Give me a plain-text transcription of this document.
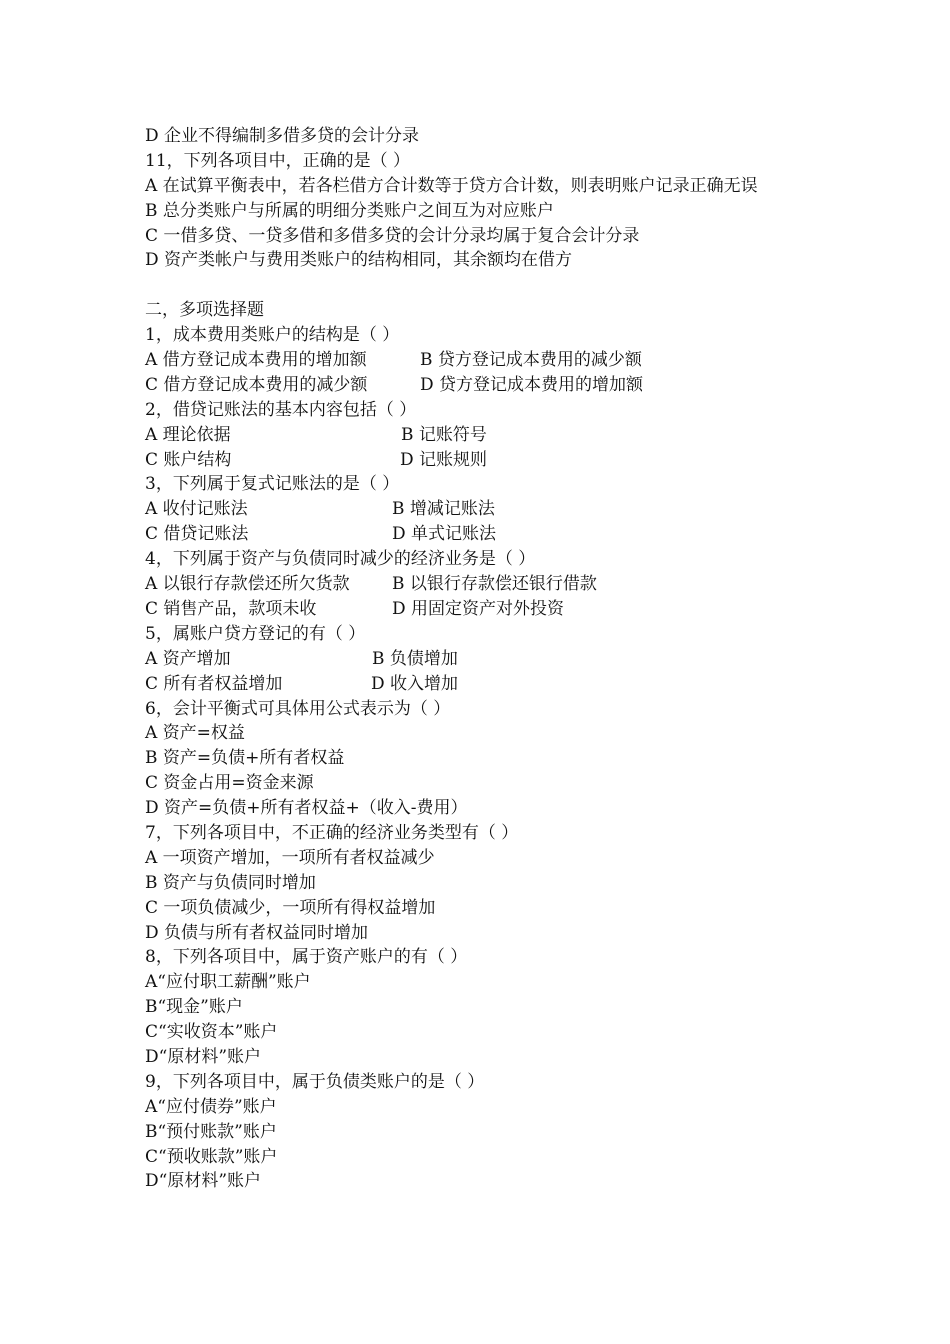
D 企业不得编制多借多贷的会计分录
11，下列各项目中，正确的是（ ）
A 在试算平衡表中，若各栏借方合计数等于贷方合计数，则表明账户记录正确无误
B 总分类账户与所属的明细分类账户之间互为对应账户
C 一借多贷、一贷多借和多借多贷的会计分录均属于复合会计分录
D 资产类帐户与费用类账户的结构相同，其余额均在借方
二，多项选择题
1，成本费用类账户的结构是（ ）
A 借方登记成本费用的增加额	B 贷方登记成本费用的减少额
C 借方登记成本费用的减少额	D 贷方登记成本费用的增加额
2，借贷记账法的基本内容包括（ ）
A 理论依据	B 记账符号
C 账户结构	D 记账规则
3，下列属于复式记账法的是（ ）
A 收付记账法	B 增减记账法
C 借贷记账法	D 单式记账法
4，下列属于资产与负债同时减少的经济业务是（ ）
A 以银行存款偿还所欠货款	B 以银行存款偿还银行借款
C 销售产品，款项未收	D 用固定资产对外投资
5，属账户贷方登记的有（ ）
A 资产增加	B 负债增加
C 所有者权益增加	D 收入增加
6，会计平衡式可具体用公式表示为（ ）
A 资产=权益
B 资产=负债+所有者权益
C 资金占用=资金来源
D 资产=负债+所有者权益+（收入-费用）
7，下列各项目中，不正确的经济业务类型有（ ）
A 一项资产增加，一项所有者权益减少
B 资产与负债同时增加
C 一项负债减少，一项所有得权益增加
D 负债与所有者权益同时增加
8，下列各项目中，属于资产账户的有（ ）
A“应付职工薪酬”账户
B“现金”账户
C“实收资本”账户
D“原材料”账户
9，下列各项目中，属于负债类账户的是（ ）
A“应付债券”账户
B“预付账款”账户
C“预收账款”账户
D“原材料”账户
